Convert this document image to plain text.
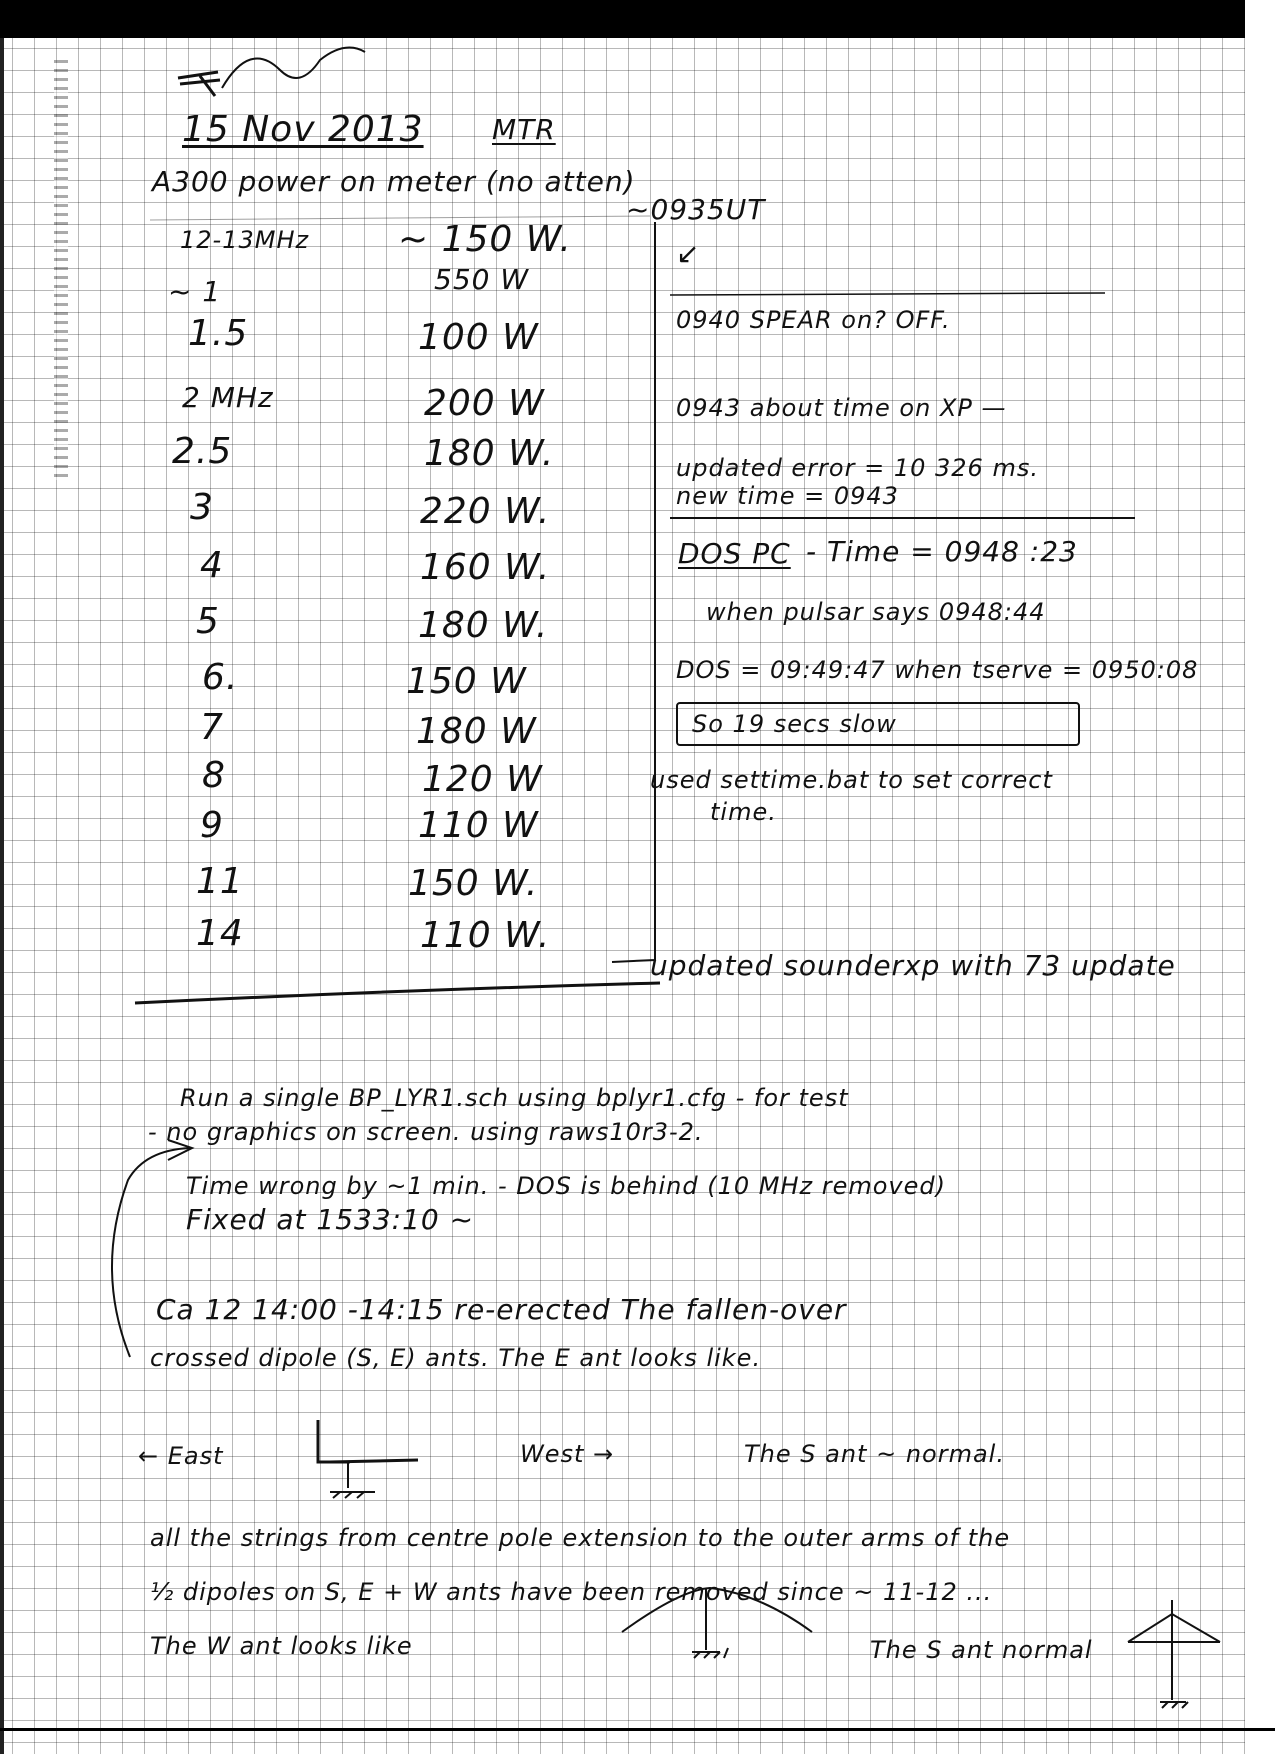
15 Nov 2013 MTR
A300 power on meter (no atten)
12-13MHz ~ 150 W.
~ 1	550 W
1.5	100 W
2 MHz	200 W
2.5	180 W.
3	220 W.
4	160 W.
5	180 W.
6.	150 W
7	180 W
8	120 W
9	110 W
11	150 W.
14	110 W.
~0935UT
↙
0940 SPEAR on? OFF.
0943 about time on XP —
updated error = 10 326 ms.
new time = 0943
DOS PC - Time = 0948 :23
when pulsar says 0948:44
DOS = 09:49:47 when tserve = 0950:08
So 19 secs slow
used settime.bat to set correct
time.
updated sounderxp with 73 update
Run a single BP_LYR1.sch using bplyr1.cfg - for test
- no graphics on screen. using raws10r3-2.
Time wrong by ~1 min. - DOS is behind (10 MHz removed)
Fixed at 1533:10 ~
Ca 12 14:00 -14:15 re-erected The fallen-over
crossed dipole (S, E) ants. The E ant looks like.
← East	West →	The S ant ~ normal.
all the strings from centre pole extension to the outer arms of the
½ dipoles on S, E + W ants have been removed since ~ 11-12 ...
The W ant looks like	The S ant normal
